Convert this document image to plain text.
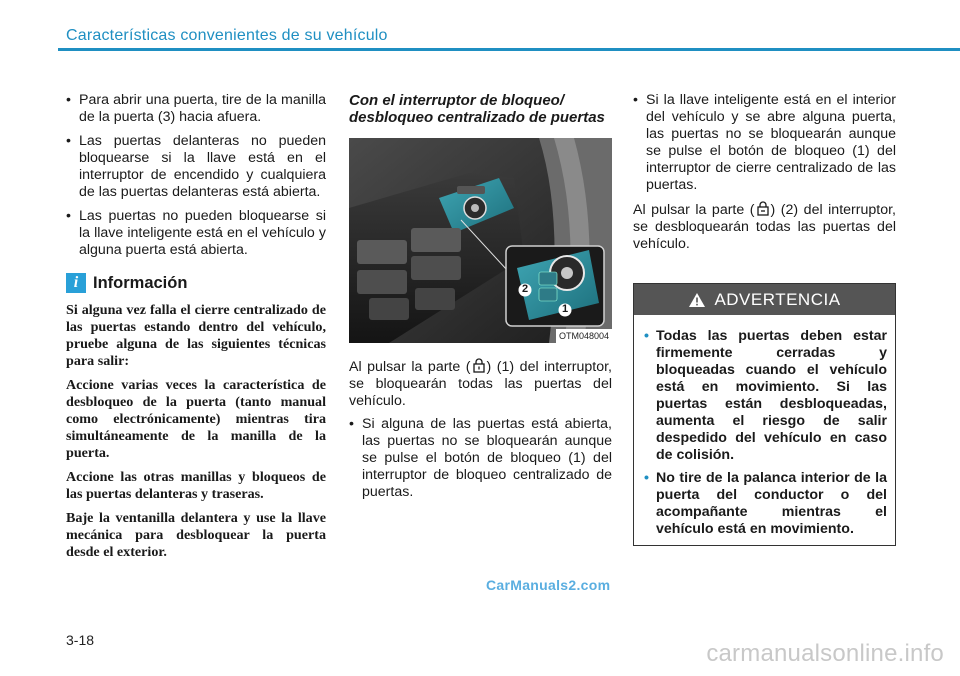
Características convenientes de su vehículo
• Para abrir una puerta, tire de la manilla de la puerta (3) hacia afuera.
• Las puertas delanteras no pueden bloquearse si la llave está en el interruptor de encendido y cualquiera de las puertas delanteras está abierta.
• Las puertas no pueden bloquearse si la llave inteligente está en el vehículo y alguna puerta está abierta.
i Información

Si alguna vez falla el cierre centralizado de las puertas estando dentro del vehículo, pruebe alguna de las siguientes técnicas para salir:

Accione varias veces la característica de desbloqueo de la puerta (tanto manual como electrónicamente) mientras tira simultáneamente de la manilla de la puerta.

Accione las otras manillas y bloqueos de las puertas delanteras y traseras.

Baje la ventanilla delantera y use la llave mecánica para desbloquear la puerta desde el exterior.

Con el interruptor de bloqueo/ desbloqueo centralizado de puertas
2
1
OTM048004

Al pulsar la parte ( ) (1) del interruptor, se bloquearán todas las puertas del vehículo.

• Si alguna de las puertas está abierta, las puertas no se bloquearán aunque se pulse el botón de bloqueo (1) del interruptor de bloqueo centralizado de puertas.
• Si la llave inteligente está en el interior del vehículo y se abre alguna puerta, las puertas no se bloquearán aunque se pulse el botón de bloqueo (1) del interruptor de cierre centralizado de las puertas.

Al pulsar la parte ( ) (2) del interruptor, se desbloquearán todas las puertas del vehículo.

ADVERTENCIA
• Todas las puertas deben estar firmemente cerradas y bloqueadas cuando el vehículo está en movimiento. Si las puertas están desbloqueadas, aumenta el riesgo de salir despedido del vehículo en caso de colisión.
• No tire de la palanca interior de la puerta del conductor o del acompañante mientras el vehículo está en movimiento.
CarManuals2.com
3-18	carmanualsonline.info
